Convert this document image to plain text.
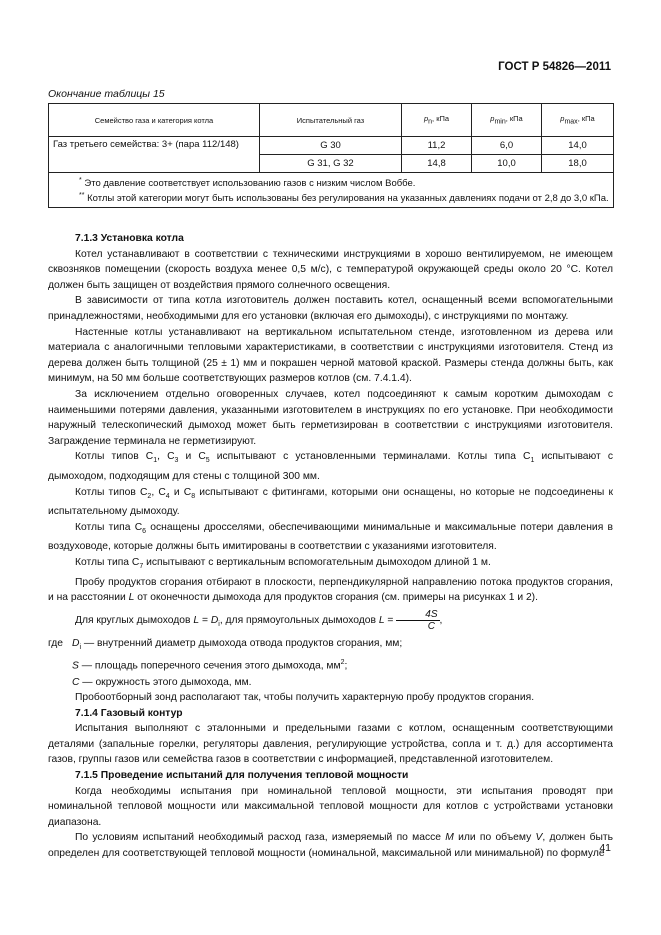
ГОСТ Р 54826—2011
Окончание таблицы 15
Семейство газа и категория котла	Испытательный газ	$p_n$, кПа	$p_{min}$, кПа	$p_{max}$, кПа
Газ третьего семейства: 3+ (пара 112/148)	G 30	11,2	6,0	14,0
	G 31, G 32	14,8	10,0	18,0

* Это давление соответствует использованию газов с низким числом Воббе.
** Котлы этой категории могут быть использованы без регулирования на указанных давлениях подачи от 2,8 до 3,0 кПа.				

7.1.3 Установка котла

Котел устанавливают в соответствии с техническими инструкциями в хорошо вентилируемом, не имеющем сквозняков помещении (скорость воздуха менее 0,5 м/с), с температурой окружающей среды около 20 °C. Котел должен быть защищен от воздействия прямого солнечного освещения.

В зависимости от типа котла изготовитель должен поставить котел, оснащенный всеми вспомогательными принадлежностями, необходимыми для его установки (включая его дымоходы), с инструкциями по монтажу.

Настенные котлы устанавливают на вертикальном испытательном стенде, изготовленном из дерева или материала с аналогичными тепловыми характеристиками, в соответствии с инструкциями изготовителя. Стенд из дерева должен быть толщиной (25 ± 1) мм и покрашен черной матовой краской. Размеры стенда должны быть, как минимум, на 50 мм больше соответствующих размеров котлов (см. 7.4.1.4).

За исключением отдельно оговоренных случаев, котел подсоединяют к самым коротким дымоходам с наименьшими потерями давления, указанными изготовителем в инструкциях по его установке. При необходимости наружный телескопический дымоход может быть герметизирован в соответствии с инструкциями изготовителя. Заграждение терминала не герметизируют.

Котлы типов $C_1$, $C_3$ и $C_5$ испытывают с установленными терминалами. Котлы типа $C_1$ испытывают с дымоходом, подходящим для стены с толщиной 300 мм.

Котлы типов $C_2$, $C_4$ и $C_8$ испытывают с фитингами, которыми они оснащены, но которые не подсоединены к испытательному дымоходу.

Котлы типа $C_6$ оснащены дросселями, обеспечивающими минимальные и максимальные потери давления в воздуховоде, которые должны быть имитированы в соответствии с указаниями изготовителя.

Котлы типа $C_7$ испытывают с вертикальным вспомогательным дымоходом длиной 1 м.

Пробу продуктов сгорания отбирают в плоскости, перпендикулярной направлению потока продуктов сгорания, и на расстоянии L от оконечности дымохода для продуктов сгорания (см. примеры на рисунках 1 и 2).

Для круглых дымоходов $L = D_i$, для прямоугольных дымоходов $L = \frac{4S}{C}$ ,

где $D_i$ — внутренний диаметр дымохода отвода продуктов сгорания, мм;

S — площадь поперечного сечения этого дымохода, $мм^2$;

C — окружность этого дымохода, мм.

Пробоотборный зонд располагают так, чтобы получить характерную пробу продуктов сгорания.

7.1.4 Газовый контур

Испытания выполняют с эталонными и предельными газами с котлом, оснащенным соответствующими деталями (запальные горелки, регуляторы давления, регулирующие устройства, сопла и т. д.) для ассортимента газов, группы газов или семейства газов в соответствии с информацией, представленной изготовителем.

7.1.5 Проведение испытаний для получения тепловой мощности

Когда необходимы испытания при номинальной тепловой мощности, эти испытания проводят при номинальной тепловой мощности или максимальной тепловой мощности для котлов с устройствами установки диапазона.

По условиям испытаний необходимый расход газа, измеряемый по массе M или по объему V, должен быть определен для соответствующей тепловой мощности (номинальной, максимальной или минимальной) по формуле

41
